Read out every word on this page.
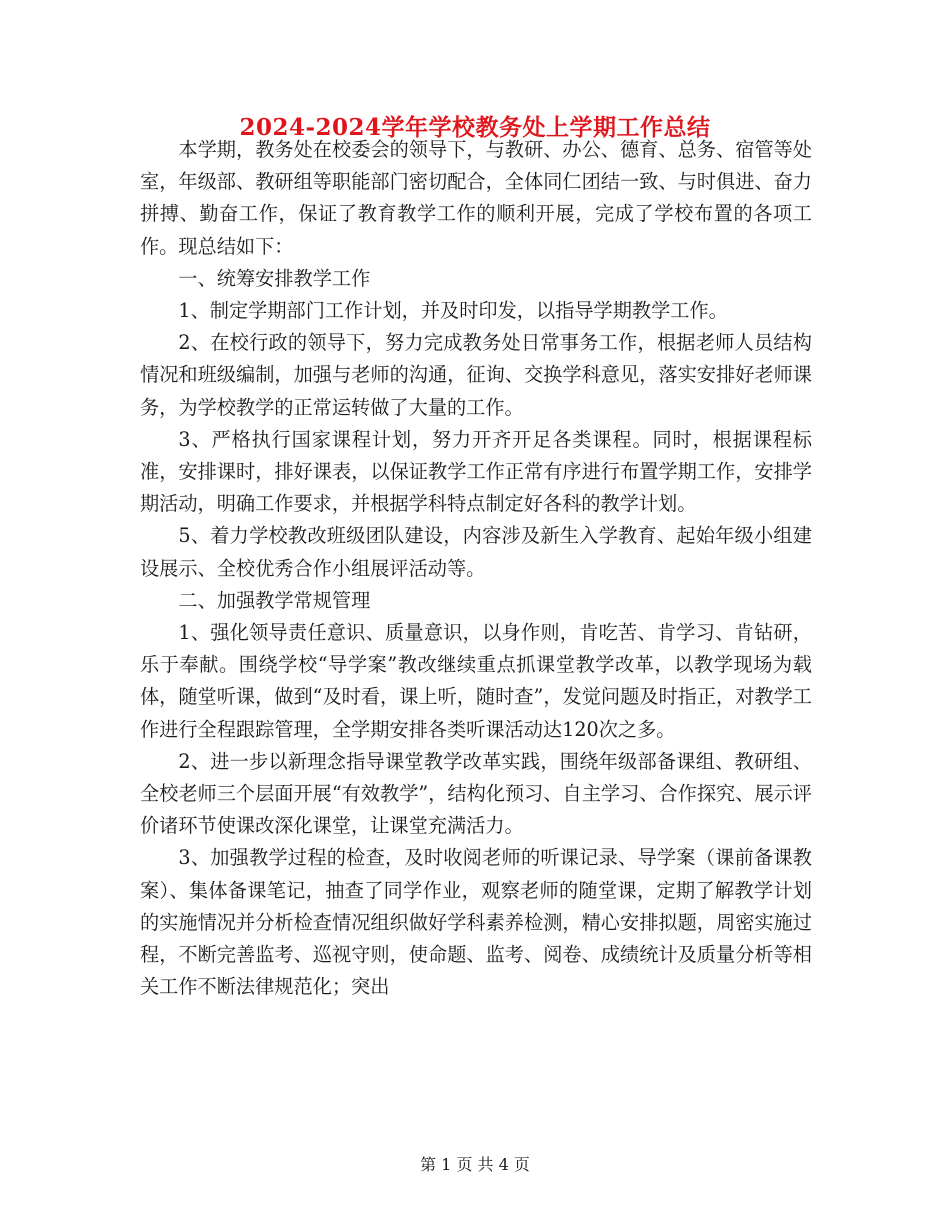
2024-2024学年学校教务处上学期工作总结

本学期，教务处在校委会的领导下，与教研、办公、德育、总务、宿管等处室，年级部、教研组等职能部门密切配合，全体同仁团结一致、与时俱进、奋力拼搏、勤奋工作，保证了教育教学工作的顺利开展，完成了学校布置的各项工作。现总结如下：

一、统筹安排教学工作

1、制定学期部门工作计划，并及时印发，以指导学期教学工作。

2、在校行政的领导下，努力完成教务处日常事务工作，根据老师人员结构情况和班级编制，加强与老师的沟通，征询、交换学科意见，落实安排好老师课务，为学校教学的正常运转做了大量的工作。

3、严格执行国家课程计划，努力开齐开足各类课程。同时，根据课程标准，安排课时，排好课表，以保证教学工作正常有序进行布置学期工作，安排学期活动，明确工作要求，并根据学科特点制定好各科的教学计划。

5、着力学校教改班级团队建设，内容涉及新生入学教育、起始年级小组建设展示、全校优秀合作小组展评活动等。

二、加强教学常规管理

1、强化领导责任意识、质量意识，以身作则，肯吃苦、肯学习、肯钻研，乐于奉献。围绕学校“导学案”教改继续重点抓课堂教学改革，以教学现场为载体，随堂听课，做到“及时看，课上听，随时查”，发觉问题及时指正，对教学工作进行全程跟踪管理，全学期安排各类听课活动达120次之多。

2、进一步以新理念指导课堂教学改革实践，围绕年级部备课组、教研组、全校老师三个层面开展“有效教学”，结构化预习、自主学习、合作探究、展示评价诸环节使课改深化课堂，让课堂充满活力。

3、加强教学过程的检查，及时收阅老师的听课记录、导学案（课前备课教案）、集体备课笔记，抽查了同学作业，观察老师的随堂课，定期了解教学计划的实施情况并分析检查情况组织做好学科素养检测，精心安排拟题，周密实施过程，不断完善监考、巡视守则，使命题、监考、阅卷、成绩统计及质量分析等相关工作不断法律规范化；突出

第 1 页 共 4 页
